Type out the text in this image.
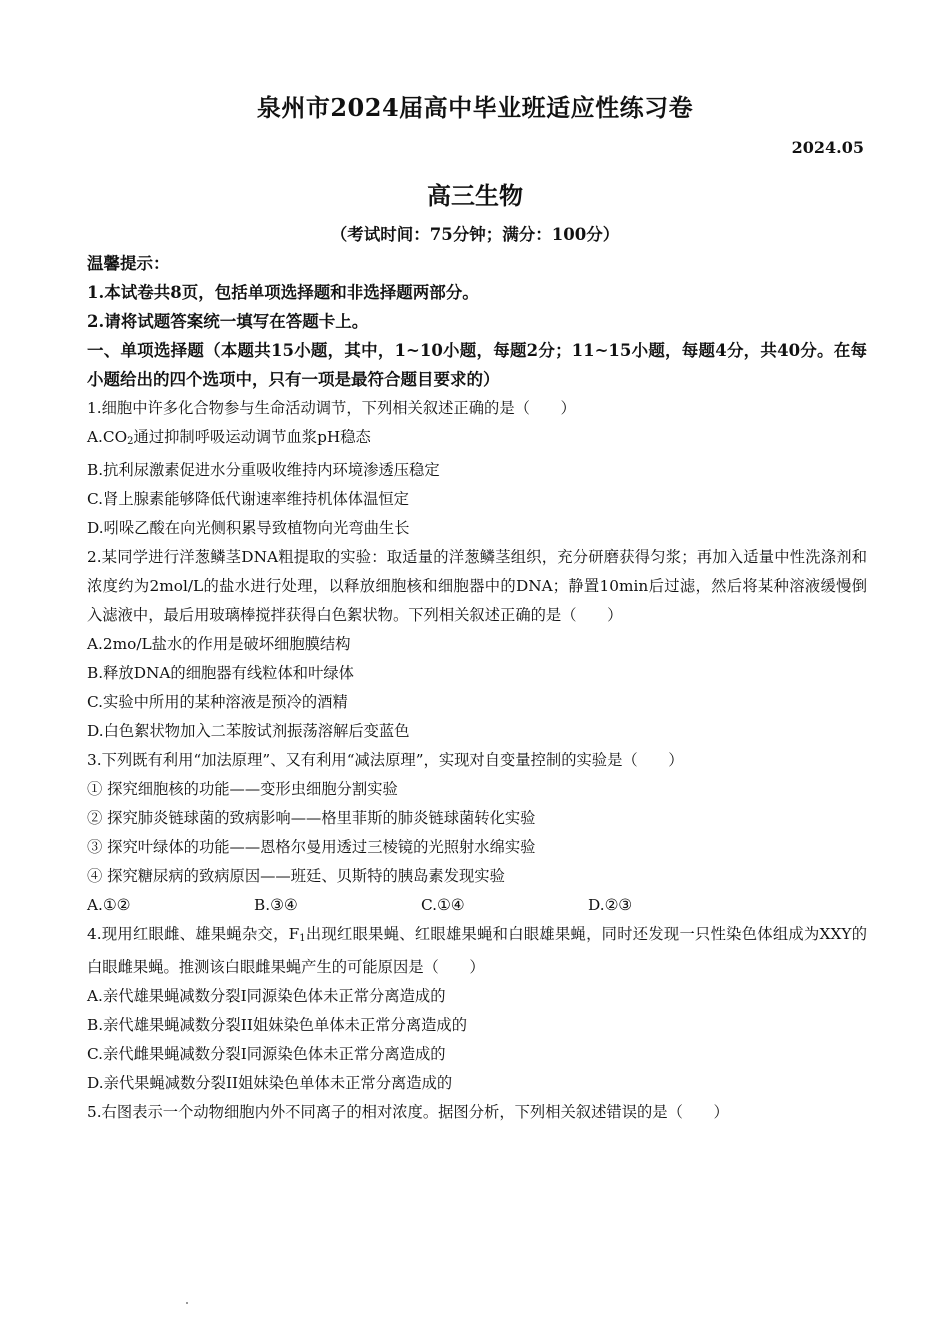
泉州市2024届高中毕业班适应性练习卷
2024.05
高三生物
（考试时间：75分钟；满分：100分）

温馨提示：

1.本试卷共8页，包括单项选择题和非选择题两部分。

2.请将试题答案统一填写在答题卡上。

一、单项选择题（本题共15小题，其中，1~10小题，每题2分；11~15小题，每题4分，共40分。在每小题给出的四个选项中，只有一项是最符合题目要求的）

1.细胞中许多化合物参与生命活动调节，下列相关叙述正确的是（　　）

$A.CO_2$通过抑制呼吸运动调节血浆pH稳态

B.抗利尿激素促进水分重吸收维持内环境渗透压稳定

C.肾上腺素能够降低代谢速率维持机体体温恒定

D.吲哚乙酸在向光侧积累导致植物向光弯曲生长

2.某同学进行洋葱鳞茎DNA粗提取的实验：取适量的洋葱鳞茎组织，充分研磨获得匀浆；再加入适量中性洗涤剂和浓度约为2mol/L的盐水进行处理，以释放细胞核和细胞器中的DNA；静置10min后过滤，然后将某种溶液缓慢倒入滤液中，最后用玻璃棒搅拌获得白色絮状物。下列相关叙述正确的是（　　）

A.2mo/L盐水的作用是破坏细胞膜结构

B.释放DNA的细胞器有线粒体和叶绿体

C.实验中所用的某种溶液是预冷的酒精

D.白色絮状物加入二苯胺试剂振荡溶解后变蓝色

3.下列既有利用“加法原理”、又有利用“减法原理”，实现对自变量控制的实验是（　　）

① 探究细胞核的功能——变形虫细胞分割实验

② 探究肺炎链球菌的致病影响——格里菲斯的肺炎链球菌转化实验

③ 探究叶绿体的功能——恩格尔曼用透过三棱镜的光照射水绵实验

④ 探究糖尿病的致病原因——班廷、贝斯特的胰岛素发现实验

A.①②	B.③④	C.①④	D.②③

4.现用红眼雌、雄果蝇杂交，$F_1$出现红眼果蝇、红眼雄果蝇和白眼雄果蝇，同时还发现一只性染色体组成为XXY的白眼雌果蝇。推测该白眼雌果蝇产生的可能原因是（　　）

A.亲代雄果蝇减数分裂I同源染色体未正常分离造成的

B.亲代雄果蝇减数分裂II姐妹染色单体未正常分离造成的

C.亲代雌果蝇减数分裂I同源染色体未正常分离造成的

D.亲代果蝇减数分裂II姐妹染色单体未正常分离造成的

5.右图表示一个动物细胞内外不同离子的相对浓度。据图分析，下列相关叙述错误的是（　　）
